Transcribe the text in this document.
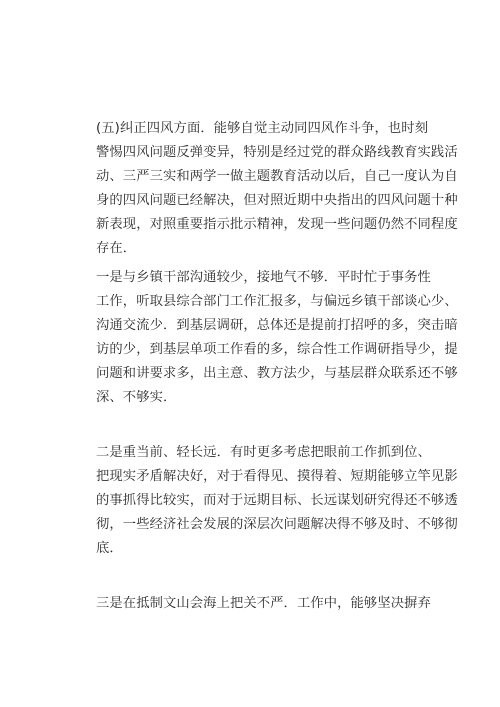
(五)纠正四风方面．能够自觉主动同四风作斗争，也时刻
警惕四风问题反弹变异，特别是经过党的群众路线教育实践活
动、三严三实和两学一做主题教育活动以后，自己一度认为自
身的四风问题已经解决，但对照近期中央指出的四风问题十种
新表现，对照重要指示批示精神，发现一些问题仍然不同程度
存在．
一是与乡镇干部沟通较少，接地气不够．平时忙于事务性
工作，听取县综合部门工作汇报多，与偏远乡镇干部谈心少、
沟通交流少．到基层调研，总体还是提前打招呼的多，突击暗
访的少，到基层单项工作看的多，综合性工作调研指导少，提
问题和讲要求多，出主意、教方法少，与基层群众联系还不够
深、不够实．
二是重当前、轻长远．有时更多考虑把眼前工作抓到位、
把现实矛盾解决好，对于看得见、摸得着、短期能够立竿见影
的事抓得比较实，而对于远期目标、长远谋划研究得还不够透
彻，一些经济社会发展的深层次问题解决得不够及时、不够彻
底．
三是在抵制文山会海上把关不严．工作中，能够坚决摒弃
